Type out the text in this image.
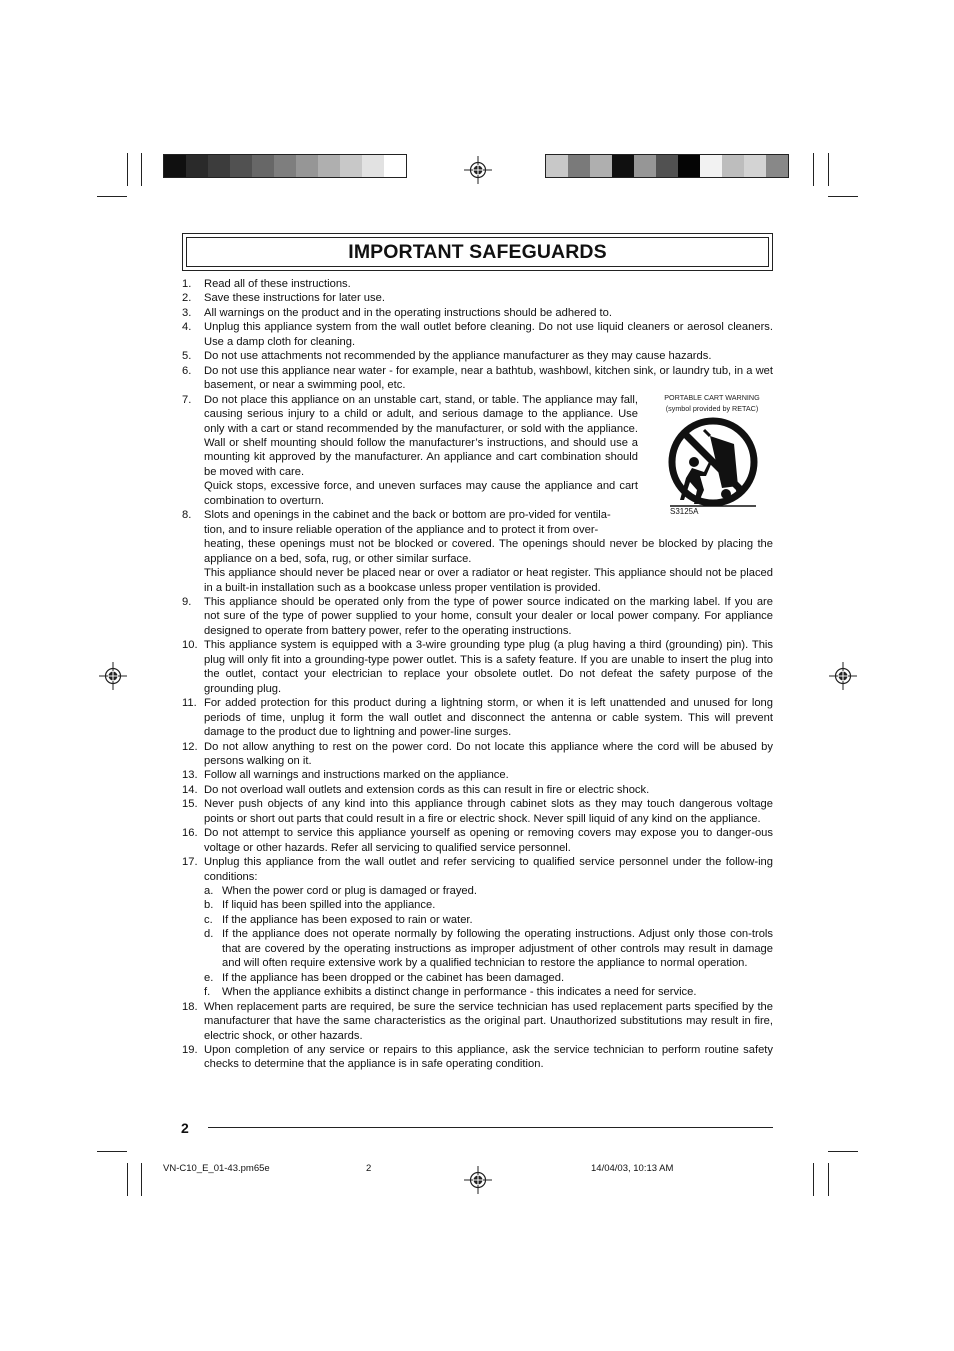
IMPORTANT SAFEGUARDS
1.	Read all of these instructions.

2.	Save these instructions for later use.

3.	All warnings on the product and in the operating instructions should be adhered to.

4.	Unplug this appliance system from the wall outlet before cleaning. Do not use liquid cleaners or aerosol cleaners. Use a damp cloth for cleaning.

5.	Do not use attachments not recommended by the appliance manufacturer as they may cause hazards.

6.	Do not use this appliance near water - for example, near a bathtub, washbowl, kitchen sink, or laundry tub, in a wet basement, or near a swimming pool, etc.

7.	Do not place this appliance on an unstable cart, stand, or table. The appliance may fall, causing serious injury to a child or adult, and serious damage to the appliance. Use only with a cart or stand recommended by the manufacturer, or sold with the appliance. Wall or shelf mounting should follow the manufacturer’s instructions, and should use a mounting kit approved by the manufacturer. An appliance and cart combination should be moved with care.

Quick stops, excessive force, and uneven surfaces may cause the appliance and cart combination to overturn.

8.	Slots and openings in the cabinet and the back or bottom are pro-vided for ventila-

tion, and to insure reliable operation of the appliance and to protect it from over-

heating, these openings must not be blocked or covered. The openings should never be blocked by placing the appliance on a bed, sofa, rug, or other similar surface.

This appliance should never be placed near or over a radiator or heat register. This appliance should not be placed in a built-in installation such as a bookcase unless proper ventilation is provided.

9.	This appliance should be operated only from the type of power source indicated on the marking label. If you are not sure of the type of power supplied to your home, consult your dealer or local power company. For appliance designed to operate from battery power, refer to the operating instructions.

10. This appliance system is equipped with a 3-wire grounding type plug (a plug having a third (grounding) pin). This plug will only fit into a grounding-type power outlet. This is a safety feature. If you are unable to insert the plug into the outlet, contact your electrician to replace your obsolete outlet. Do not defeat the safety purpose of the grounding plug.

11. For added protection for this product during a lightning storm, or when it is left unattended and unused for long periods of time, unplug it form the wall outlet and disconnect the antenna or cable system. This will prevent damage to the product due to lightning and power-line surges.

12. Do not allow anything to rest on the power cord. Do not locate this appliance where the cord will be abused by persons walking on it.

13. Follow all warnings and instructions marked on the appliance.

14. Do not overload wall outlets and extension cords as this can result in fire or electric shock.

15. Never push objects of any kind into this appliance through cabinet slots as they may touch dangerous voltage points or short out parts that could result in a fire or electric shock. Never spill liquid of any kind on the appliance.

16. Do not attempt to service this appliance yourself as opening or removing covers may expose you to danger-ous voltage or other hazards. Refer all servicing to qualified service personnel.

17. Unplug this appliance from the wall outlet and refer servicing to qualified service personnel under the follow-ing conditions:

a. When the power cord or plug is damaged or frayed.
b. If liquid has been spilled into the appliance.
c. If the appliance has been exposed to rain or water.
d. If the appliance does not operate normally by following the operating instructions. Adjust only those con-trols that are covered by the operating instructions as improper adjustment of other controls may result in damage and will often require extensive work by a qualified technician to restore the appliance to normal operation.
e. If the appliance has been dropped or the cabinet has been damaged.
f.	When the appliance exhibits a distinct change in performance - this indicates a need for service.
18. When replacement parts are required, be sure the service technician has used replacement parts specified by the manufacturer that have the same characteristics as the original part. Unauthorized substitutions may result in fire, electric shock, or other hazards.

19. Upon completion of any service or repairs to this appliance, ask the service technician to perform routine safety checks to determine that the appliance is in safe operating condition.

PORTABLE CART WARNING
(symbol provided by RETAC)
S3125A
2
VN-C10_E_01-43.pm65e	2	14/04/03, 10:13 AM
